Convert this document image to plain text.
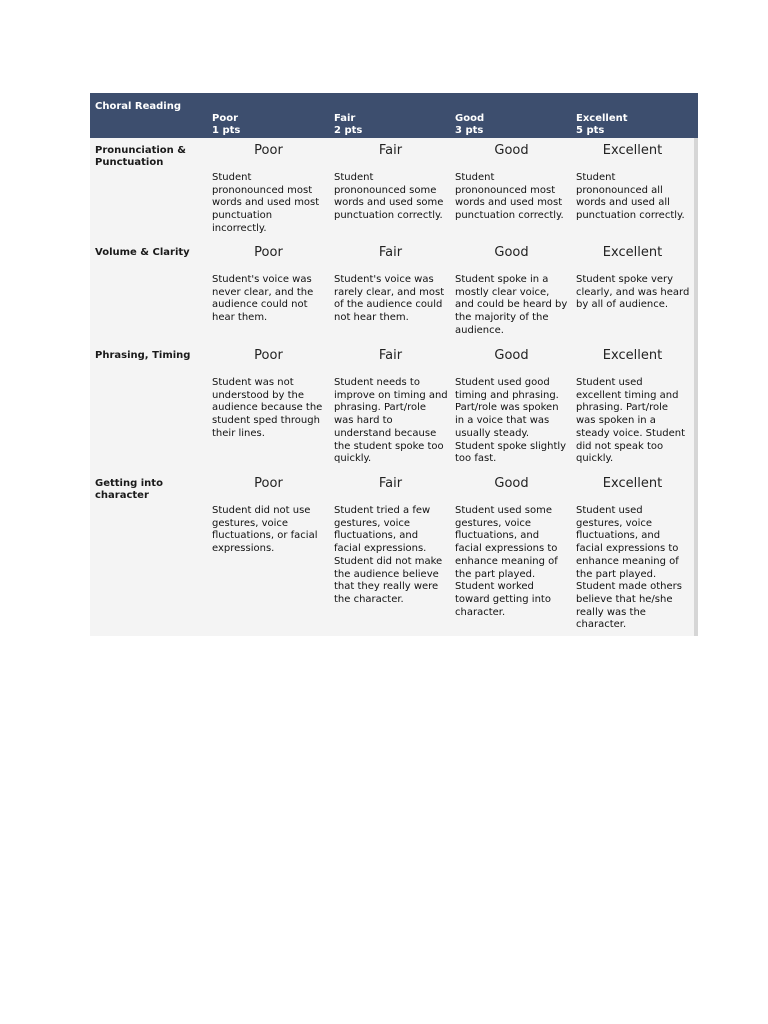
Choral Reading
Poor
1 pts
Fair
2 pts
Good
3 pts
Excellent
5 pts
Pronunciation & Punctuation
Poor
Student prononounced most words and used most punctuation incorrectly.
Fair
Student prononounced some words and used some punctuation correctly.
Good
Student prononounced most words and used most punctuation correctly.
Excellent
Student prononounced all words and used all punctuation correctly.
Volume & Clarity	Poor
Student's voice was never clear, and the audience could not hear them.
Fair
Student's voice was rarely clear, and most of the audience could not hear them.
Good
Student spoke in a mostly clear voice, and could be heard by the majority of the audience.
Excellent
Student spoke very clearly, and was heard by all of audience.
Phrasing, Timing	Poor
Student was not understood by the audience because the student sped through their lines.
Fair
Student needs to improve on timing and phrasing. Part/role was hard to understand because the student spoke too quickly.
Good
Student used good timing and phrasing. Part/role was spoken in a voice that was usually steady. Student spoke slightly too fast.
Excellent
Student used excellent timing and phrasing. Part/role was spoken in a steady voice. Student did not speak too quickly.
Getting into character
Poor
Student did not use gestures, voice fluctuations, or facial expressions.
Fair
Student tried a few gestures, voice fluctuations, and facial expressions. Student did not make the audience believe that they really were the character.
Good
Student used some gestures, voice fluctuations, and facial expressions to enhance meaning of the part played. Student worked toward getting into character.
Excellent
Student used gestures, voice fluctuations, and facial expressions to enhance meaning of the part played. Student made others believe that he/she really was the character.
